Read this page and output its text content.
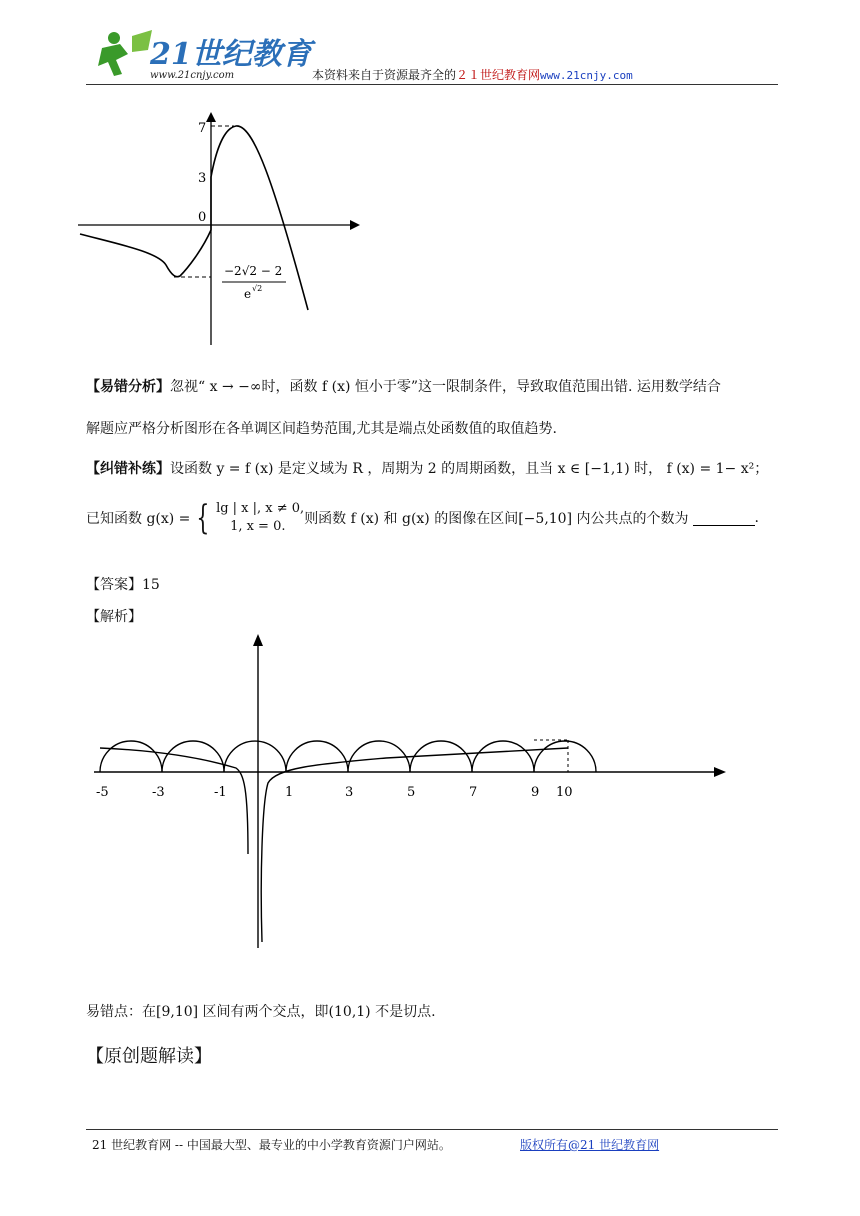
21世纪教育
www.21cnjy.com	本资料来自于资源最齐全的２１世纪教育网www.21cnjy.com
7
3
0
−2√2 − 2
e √2
【易错分析】忽视“ x → −∞时，函数 f (x) 恒小于零”这一限制条件，导致取值范围出错. 运用数学结合
解题应严格分析图形在各单调区间趋势范围,尤其是端点处函数值的取值趋势.
【纠错补练】设函数 y = f (x) 是定义域为 R ，周期为 2 的周期函数，且当 x ∈ [−1,1) 时， f (x) = 1− x²；
已知函数 g(x) = { lg | x |, x ≠ 0,
1, x = 0.	则函数 f (x) 和 g(x) 的图像在区间[−5,10] 内公共点的个数为	.
【答案】15
【解析】
-5	-3	-1	1	3	5	7	9 10
易错点：在[9,10] 区间有两个交点，即(10,1) 不是切点.
【原创题解读】
21 世纪教育网 -- 中国最大型、最专业的中小学教育资源门户网站。	版权所有@21 世纪教育网
